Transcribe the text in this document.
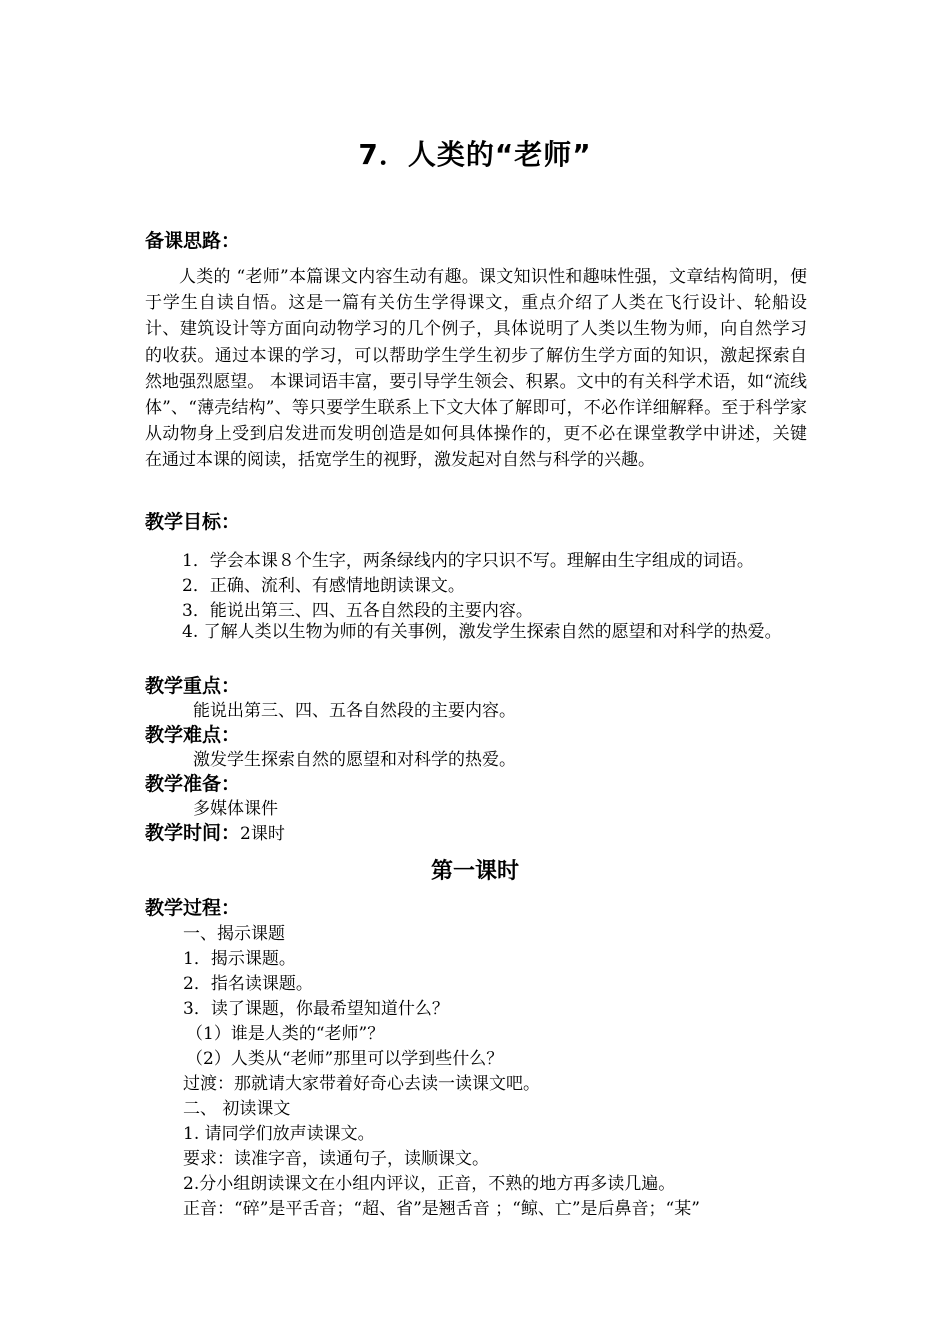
7．人类的“老师”
备课思路：
人类的 “老师”本篇课文内容生动有趣。课文知识性和趣味性强，文章结构简明，便于学生自读自悟。这是一篇有关仿生学得课文，重点介绍了人类在飞行设计、轮船设计、建筑设计等方面向动物学习的几个例子，具体说明了人类以生物为师，向自然学习的收获。通过本课的学习，可以帮助学生学生初步了解仿生学方面的知识，激起探索自然地强烈愿望。 本课词语丰富，要引导学生领会、积累。文中的有关科学术语，如“流线体”、“薄壳结构”、等只要学生联系上下文大体了解即可，不必作详细解释。至于科学家从动物身上受到启发进而发明创造是如何具体操作的，更不必在课堂教学中讲述，关键在通过本课的阅读，括宽学生的视野，激发起对自然与科学的兴趣。
教学目标：
1．学会本课８个生字，两条绿线内的字只识不写。理解由生字组成的词语。
2．正确、流利、有感情地朗读课文。
3．能说出第三、四、五各自然段的主要内容。
4. 了解人类以生物为师的有关事例，激发学生探索自然的愿望和对科学的热爱。
教学重点：
能说出第三、四、五各自然段的主要内容。
教学难点：
激发学生探索自然的愿望和对科学的热爱。
教学准备：
多媒体课件
教学时间：2课时
第一课时
教学过程：
一、揭示课题
1．揭示课题。
2．指名读课题。
3．读了课题，你最希望知道什么？
（1）谁是人类的“老师”？
（2）人类从“老师”那里可以学到些什么？
过渡：那就请大家带着好奇心去读一读课文吧。
二、 初读课文
1. 请同学们放声读课文。
要求：读准字音，读通句子，读顺课文。
2.分小组朗读课文在小组内评议，正音，不熟的地方再多读几遍。
正音：“碎”是平舌音；“超、省”是翘舌音 ；“鲸、亡”是后鼻音；“某”
